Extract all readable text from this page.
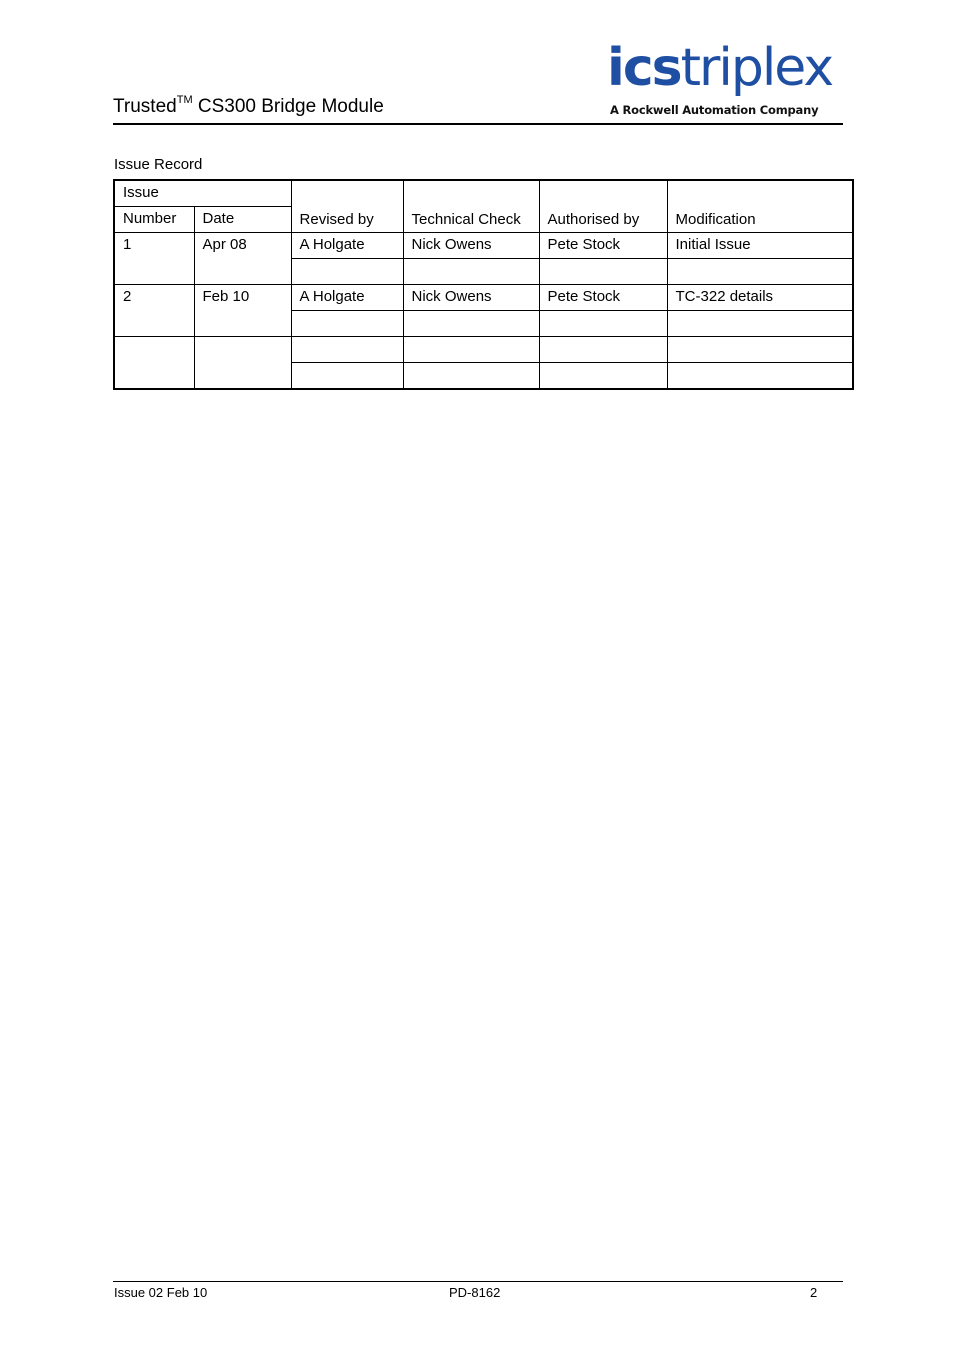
Trusted™ CS300 Bridge Module
icstriplex
A Rockwell Automation Company
Issue Record
Issue		Revised by	Technical Check	Authorised by	Modification
Number	Date				
1	Apr 08	A Holgate	Nick Owens	Pete Stock	Initial Issue

2	Feb 10	A Holgate	Nick Owens	Pete Stock	TC-322 details

Issue 02 Feb 10	PD-8162	2
